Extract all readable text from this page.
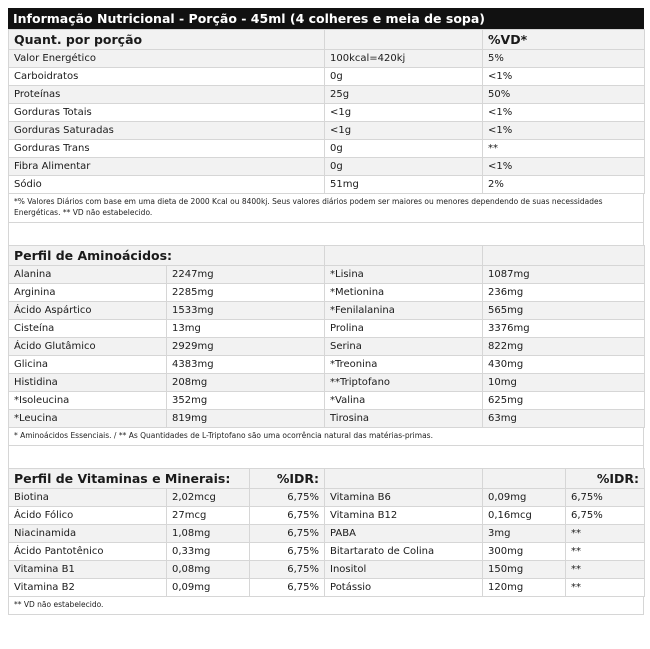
Informação Nutricional - Porção - 45ml (4 colheres e meia de sopa)
Quant. por porção		%VD*
Valor Energético	100kcal=420kj	5%
Carboidratos	0g	<1%
Proteínas	25g	50%
Gorduras Totais	<1g	<1%
Gorduras Saturadas	<1g	<1%
Gorduras Trans	0g	**
Fibra Alimentar	0g	<1%
Sódio	51mg	2%
*% Valores Diários com base em uma dieta de 2000 Kcal ou 8400kj. Seus valores diários podem ser maiores ou menores dependendo de suas necessidades Energéticas. ** VD não estabelecido.
Perfil de Aminoácidos:			
Alanina	2247mg	*Lisina	1087mg
Arginina	2285mg	*Metionina	236mg
Ácido Aspártico	1533mg	*Fenilalanina	565mg
Cisteína	13mg	Prolina	3376mg
Ácido Glutâmico	2929mg	Serina	822mg
Glicina	4383mg	*Treonina	430mg
Histidina	208mg	**Triptofano	10mg
*Isoleucina	352mg	*Valina	625mg
*Leucina	819mg	Tirosina	63mg
* Aminoácidos Essenciais. / ** As Quantidades de L-Triptofano são uma ocorrência natural das matérias-primas.
Perfil de Vitaminas e Minerais:		%IDR:			%IDR:
Biotina	2,02mcg	6,75%	Vitamina B6	0,09mg	6,75%
Ácido Fólico	27mcg	6,75%	Vitamina B12	0,16mcg	6,75%
Niacinamida	1,08mg	6,75%	PABA	3mg	**
Ácido Pantotênico	0,33mg	6,75%	Bitartarato de Colina	300mg	**
Vitamina B1	0,08mg	6,75%	Inositol	150mg	**
Vitamina B2	0,09mg	6,75%	Potássio	120mg	**
** VD não estabelecido.
